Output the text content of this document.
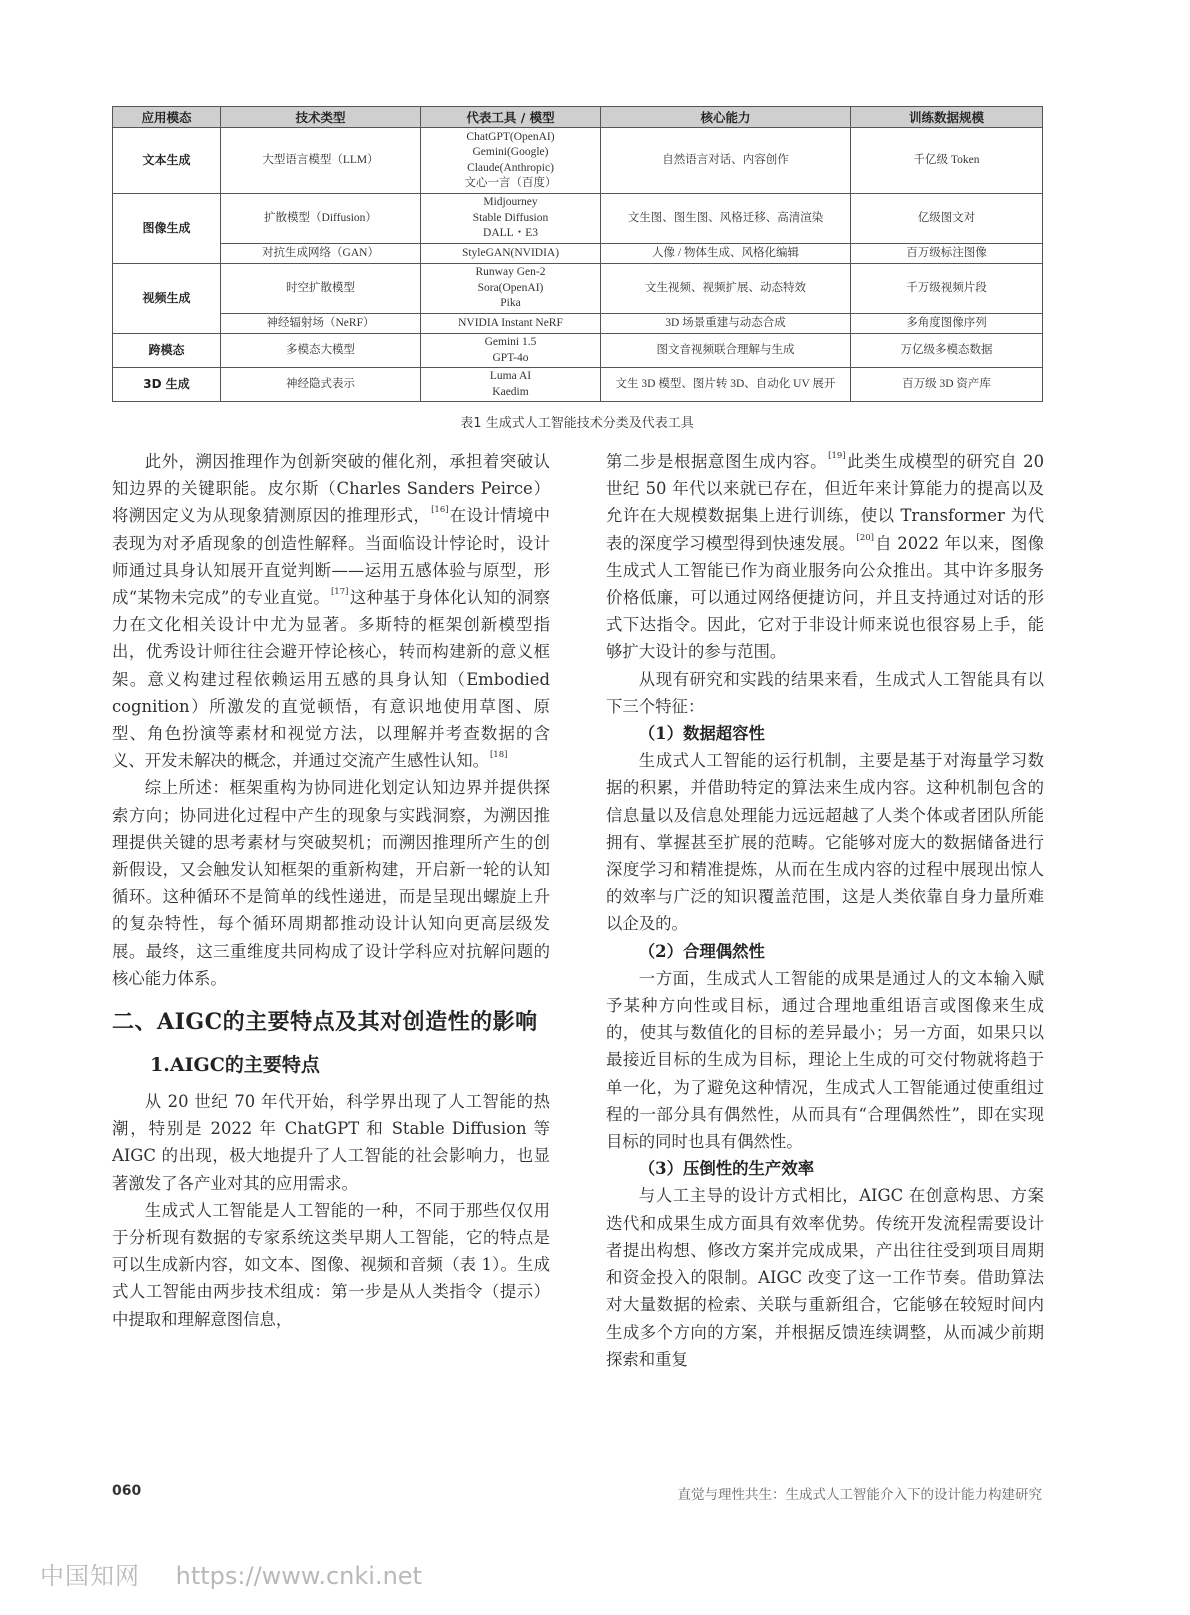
应用模态	技术类型	代表工具 / 模型	核心能力	训练数据规模
文本生成	大型语言模型（LLM）	ChatGPT(OpenAI)
Gemini(Google)
Claude(Anthropic)
文心一言（百度）	自然语言对话、内容创作	千亿级 Token
图像生成	扩散模型（Diffusion）	Midjourney
Stable Diffusion
DALL・E3	文生图、图生图、风格迁移、高清渲染	亿级图文对
	对抗生成网络（GAN）	StyleGAN(NVIDIA)	人像 / 物体生成、风格化编辑	百万级标注图像
视频生成	时空扩散模型	Runway Gen-2
Sora(OpenAI)
Pika	文生视频、视频扩展、动态特效	千万级视频片段
	神经辐射场（NeRF）	NVIDIA Instant NeRF	3D 场景重建与动态合成	多角度图像序列
跨模态	多模态大模型	Gemini 1.5
GPT-4o	图文音视频联合理解与生成	万亿级多模态数据
3D 生成	神经隐式表示	Luma AI
Kaedim	文生 3D 模型、图片转 3D、自动化 UV 展开	百万级 3D 资产库
表1 生成式人工智能技术分类及代表工具

此外，溯因推理作为创新突破的催化剂，承担着突破认知边界的关键职能。皮尔斯（Charles Sanders Peirce）将溯因定义为从现象猜测原因的推理形式，[16]在设计情境中表现为对矛盾现象的创造性解释。当面临设计悖论时，设计师通过具身认知展开直觉判断——运用五感体验与原型，形成“某物未完成”的专业直觉。[17]这种基于身体化认知的洞察力在文化相关设计中尤为显著。多斯特的框架创新模型指出，优秀设计师往往会避开悖论核心，转而构建新的意义框架。意义构建过程依赖运用五感的具身认知（Embodied cognition）所激发的直觉顿悟，有意识地使用草图、原型、角色扮演等素材和视觉方法，以理解并考查数据的含义、开发未解决的概念，并通过交流产生感性认知。[18]

综上所述：框架重构为协同进化划定认知边界并提供探索方向；协同进化过程中产生的现象与实践洞察，为溯因推理提供关键的思考素材与突破契机；而溯因推理所产生的创新假设，又会触发认知框架的重新构建，开启新一轮的认知循环。这种循环不是简单的线性递进，而是呈现出螺旋上升的复杂特性，每个循环周期都推动设计认知向更高层级发展。最终，这三重维度共同构成了设计学科应对抗解问题的核心能力体系。

二、AIGC的主要特点及其对创造性的影响
1.AIGC的主要特点

从 20 世纪 70 年代开始，科学界出现了人工智能的热潮，特别是 2022 年 ChatGPT 和 Stable Diffusion 等 AIGC 的出现，极大地提升了人工智能的社会影响力，也显著激发了各产业对其的应用需求。

生成式人工智能是人工智能的一种，不同于那些仅仅用于分析现有数据的专家系统这类早期人工智能，它的特点是可以生成新内容，如文本、图像、视频和音频（表 1）。生成式人工智能由两步技术组成：第一步是从人类指令（提示）中提取和理解意图信息，

第二步是根据意图生成内容。[19]此类生成模型的研究自 20 世纪 50 年代以来就已存在，但近年来计算能力的提高以及允许在大规模数据集上进行训练，使以 Transformer 为代表的深度学习模型得到快速发展。[20]自 2022 年以来，图像生成式人工智能已作为商业服务向公众推出。其中许多服务价格低廉，可以通过网络便捷访问，并且支持通过对话的形式下达指令。因此，它对于非设计师来说也很容易上手，能够扩大设计的参与范围。

从现有研究和实践的结果来看，生成式人工智能具有以下三个特征：

（1）数据超容性

生成式人工智能的运行机制，主要是基于对海量学习数据的积累，并借助特定的算法来生成内容。这种机制包含的信息量以及信息处理能力远远超越了人类个体或者团队所能拥有、掌握甚至扩展的范畴。它能够对庞大的数据储备进行深度学习和精准提炼，从而在生成内容的过程中展现出惊人的效率与广泛的知识覆盖范围，这是人类依靠自身力量所难以企及的。

（2）合理偶然性

一方面，生成式人工智能的成果是通过人的文本输入赋予某种方向性或目标，通过合理地重组语言或图像来生成的，使其与数值化的目标的差异最小；另一方面，如果只以最接近目标的生成为目标，理论上生成的可交付物就将趋于单一化，为了避免这种情况，生成式人工智能通过使重组过程的一部分具有偶然性，从而具有“合理偶然性”，即在实现目标的同时也具有偶然性。

（3）压倒性的生产效率

与人工主导的设计方式相比，AIGC 在创意构思、方案迭代和成果生成方面具有效率优势。传统开发流程需要设计者提出构想、修改方案并完成成果，产出往往受到项目周期和资金投入的限制。AIGC 改变了这一工作节奏。借助算法对大量数据的检索、关联与重新组合，它能够在较短时间内生成多个方向的方案，并根据反馈连续调整，从而减少前期探索和重复

060	直觉与理性共生：生成式人工智能介入下的设计能力构建研究
中国知网 https://www.cnki.net
